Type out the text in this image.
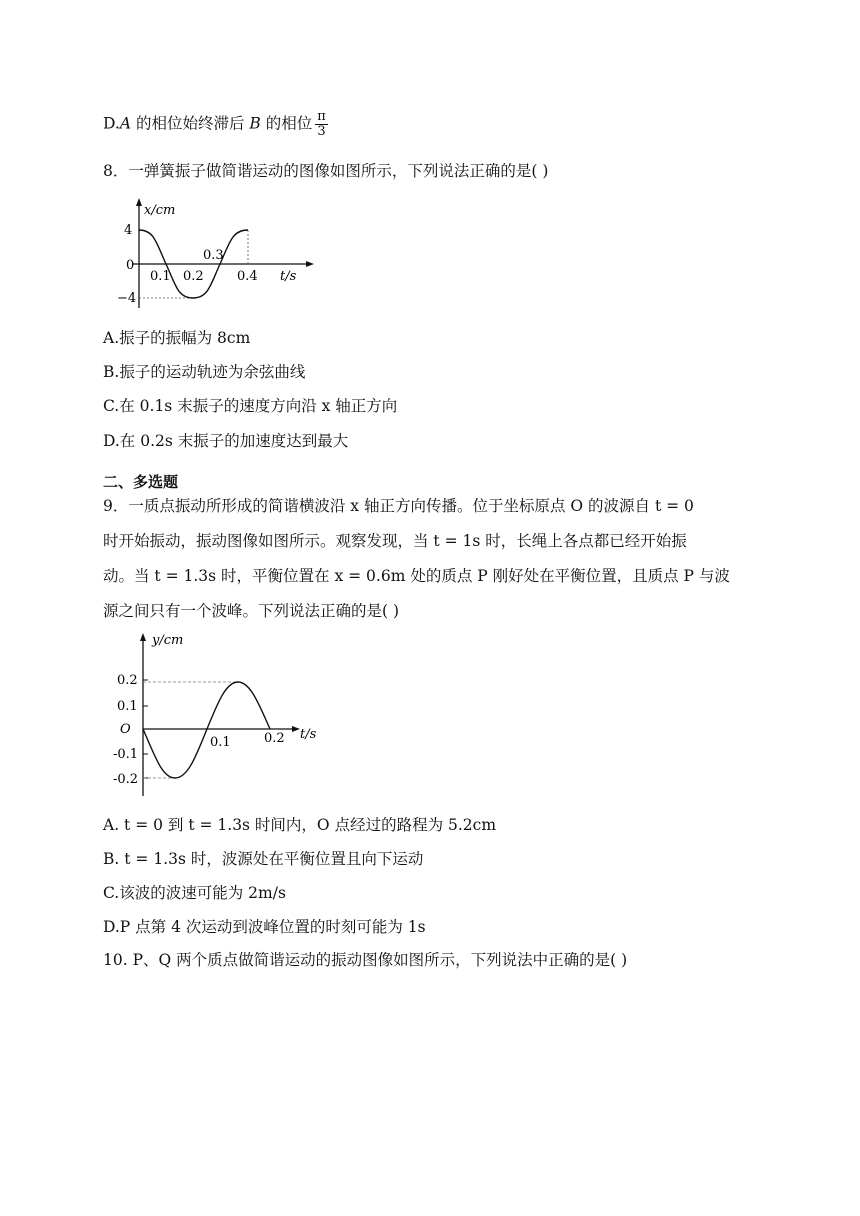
D.A 的相位始终滞后 B 的相位 $\frac{\pi}{3}$
8．一弹簧振子做简谐运动的图像如图所示，下列说法正确的是( )
x/cm
t/s
4
0
−4
0.1 0.2
0.3
0.4
A.振子的振幅为 8cm
B.振子的运动轨迹为余弦曲线
C.在 0.1s 末振子的速度方向沿 x 轴正方向
D.在 0.2s 末振子的加速度达到最大
二、多选题
9．一质点振动所形成的简谐横波沿 x 轴正方向传播。位于坐标原点 O 的波源自 t = 0
时开始振动，振动图像如图所示。观察发现，当 t = 1s 时，长绳上各点都已经开始振
动。当 t = 1.3s 时，平衡位置在 x = 0.6m 处的质点 P 刚好处在平衡位置，且质点 P 与波
源之间只有一个波峰。下列说法正确的是( )
y/cm
t/s
O
0.2
0.1
-0.1
-0.2
0.1	0.2
A. t = 0 到 t = 1.3s 时间内，O 点经过的路程为 5.2cm
B. t = 1.3s 时，波源处在平衡位置且向下运动
C.该波的波速可能为 2m/s
D.P 点第 4 次运动到波峰位置的时刻可能为 1s
10. P、Q 两个质点做简谐运动的振动图像如图所示，下列说法中正确的是( )
